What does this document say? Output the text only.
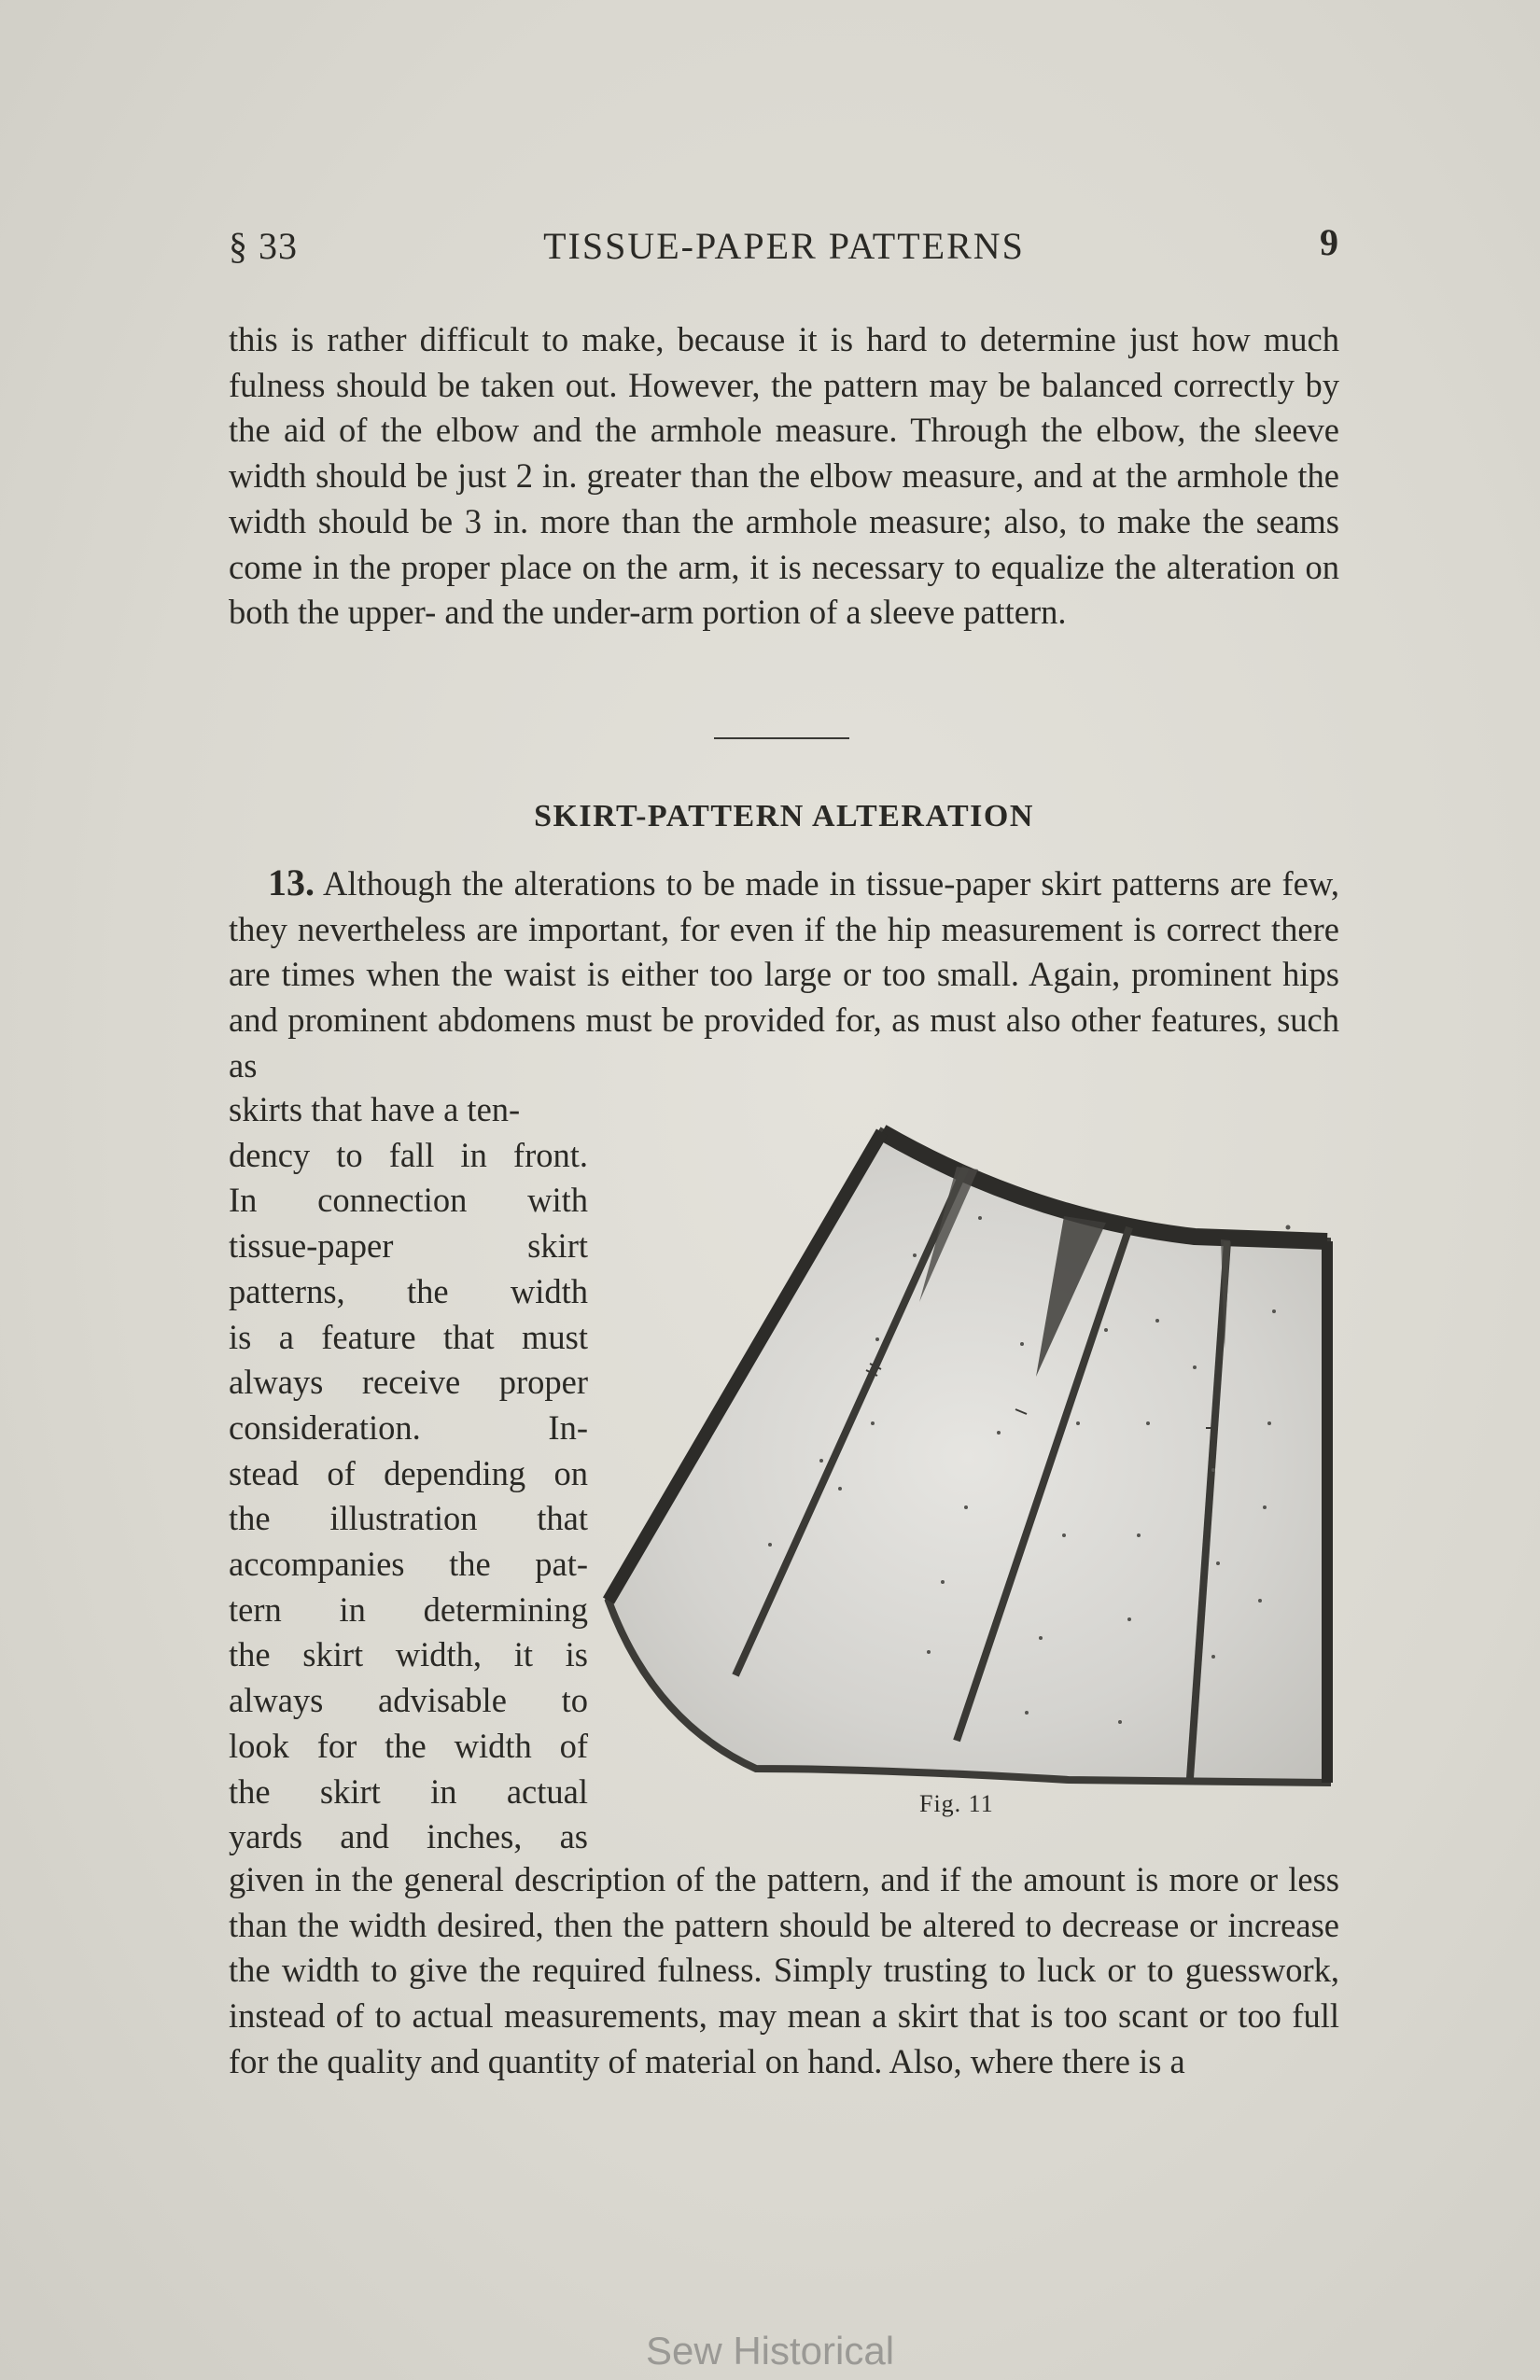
§ 33	TISSUE-PAPER PATTERNS	9
this is rather difficult to make, because it is hard to determine just how much fulness should be taken out. However, the pattern may be balanced correctly by the aid of the elbow and the armhole measure. Through the elbow, the sleeve width should be just 2 in. greater than the elbow measure, and at the armhole the width should be 3 in. more than the armhole measure; also, to make the seams come in the proper place on the arm, it is necessary to equalize the alteration on both the upper- and the under-arm portion of a sleeve pattern.
SKIRT-PATTERN ALTERATION
13. Although the alterations to be made in tissue-paper skirt patterns are few, they nevertheless are important, for even if the hip measurement is correct there are times when the waist is either too large or too small. Again, prominent hips and prominent abdomens must be provided for, as must also other features, such as
skirts that have a ten-
dency to fall in front.
In connection with
tissue-paper skirt
patterns, the width
is a feature that must
always receive proper
consideration. In-
stead of depending on
the illustration that
accompanies the pat-
tern in determining
the skirt width, it is
always advisable to
look for the width of
the skirt in actual
yards and inches, as
Fig. 11
given in the general description of the pattern, and if the amount is more or less than the width desired, then the pattern should be altered to decrease or increase the width to give the required fulness. Simply trusting to luck or to guesswork, instead of to actual measurements, may mean a skirt that is too scant or too full for the quality and quantity of material on hand. Also, where there is a
Sew Historical
